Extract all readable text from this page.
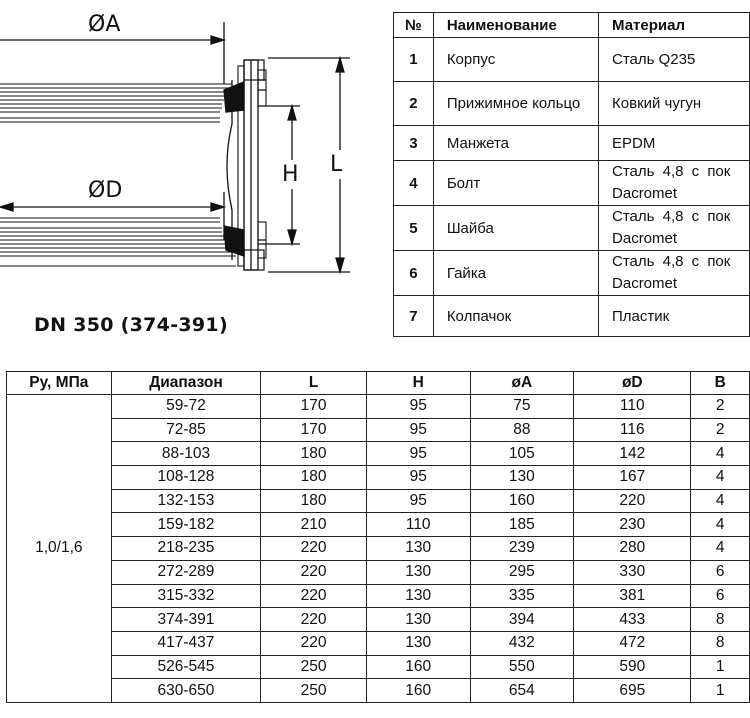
ØA
ØD
H L
DN 350 (374-391)
№	Наименование	Материал
1	Корпус	Сталь Q235
2	Прижимное кольцо	Ковкий чугун
3	Манжета	EPDM
4	Болт	Сталь 4,8 с пок Dacromet
5	Шайба	Сталь 4,8 с пок Dacromet
6	Гайка	Сталь 4,8 с пок Dacromet
7	Колпачок	Пластик
Ру, МПа	Диапазон	L	H	øA	øD	B
1,0/1,6	59-72	170	95	75	110	2
	72-85	170	95	88	116	2
	88-103	180	95	105	142	4
	108-128	180	95	130	167	4
	132-153	180	95	160	220	4
	159-182	210	110	185	230	4
	218-235	220	130	239	280	4
	272-289	220	130	295	330	6
	315-332	220	130	335	381	6
	374-391	220	130	394	433	8
	417-437	220	130	432	472	8
	526-545	250	160	550	590	1
	630-650	250	160	654	695	1
